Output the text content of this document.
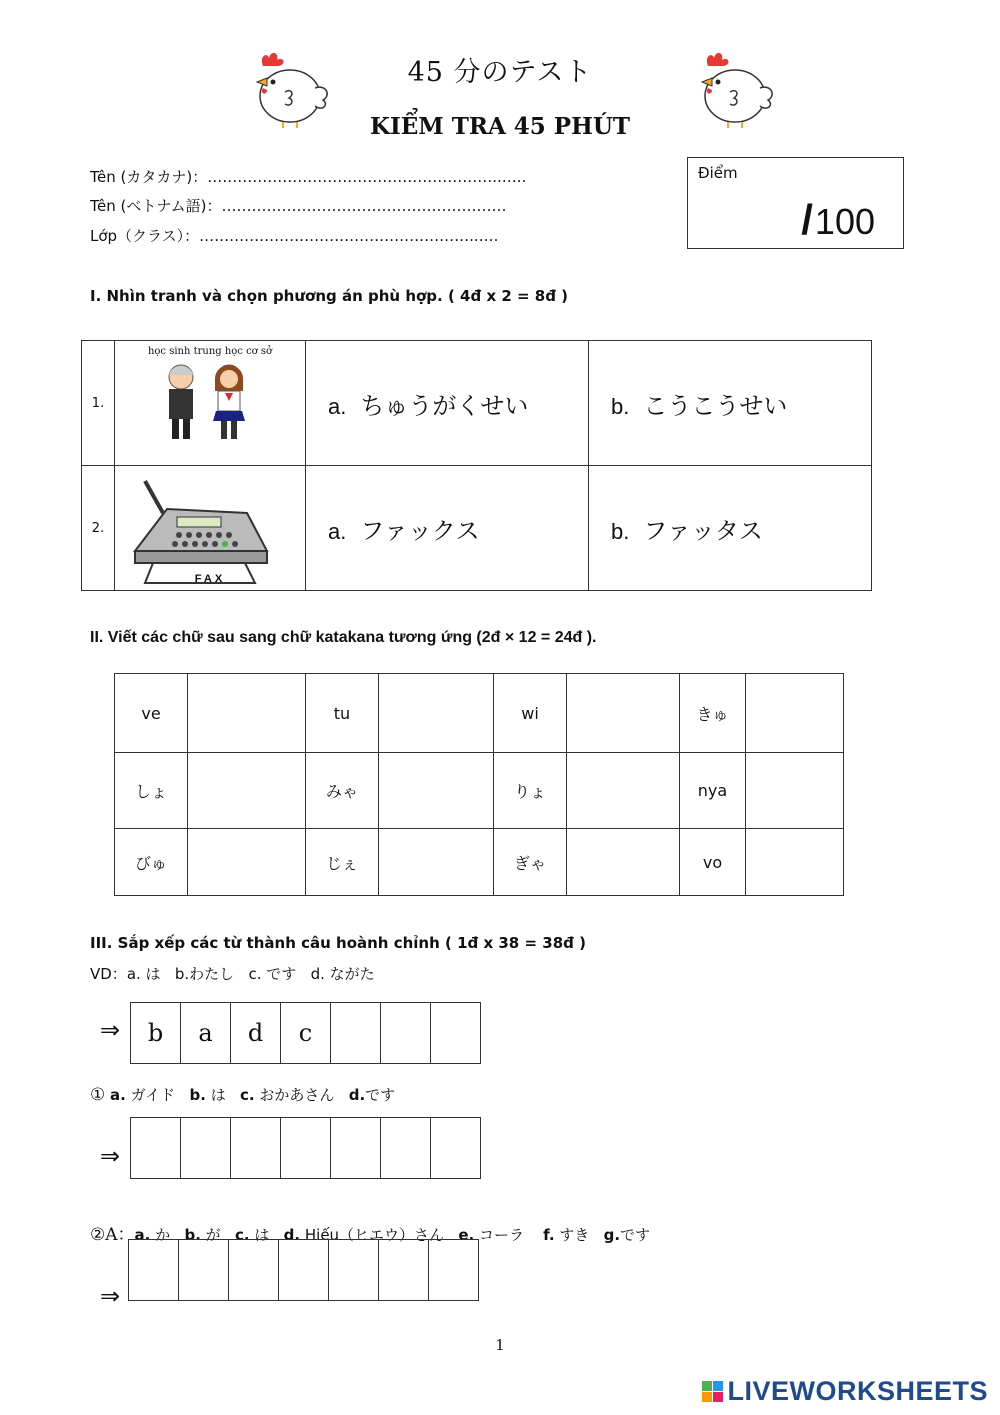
45 分のテスト
KIỂM TRA 45 PHÚT
Tên (カタカナ)：…………………………………………………..…..
Tên (ベトナム語)：…………………………………………………
Lớp（クラス）：………………………………………………..….
Điểm
/100
I. Nhìn tranh và chọn phương án phù hợp. ( 4đ x 2 = 8đ )
1.	học sinh trung học cơ sở	a. ちゅうがくせい	b. こうこうせい
2.	FAX	a. ファックス	b. ファッタス
II. Viết các chữ sau sang chữ katakana tương ứng (2đ × 12 = 24đ ).
ve		tu		wi		きゅ	
しょ		みゃ		りょ		nya	
びゅ		じぇ		ぎゃ		vo	
III. Sắp xếp các từ thành câu hoành chỉnh ( 1đ x 38 = 38đ )
VD：a. は b.わたし c. です d. ながた
⇒	b	a	d	c
① a. ガイド b. は c. おかあさん d.です
⇒
②A：a. か b. が c. は d. Hiếu（ヒエウ）さん e. コーラ f. すき g.です
⇒
1
LIVEWORKSHEETS
